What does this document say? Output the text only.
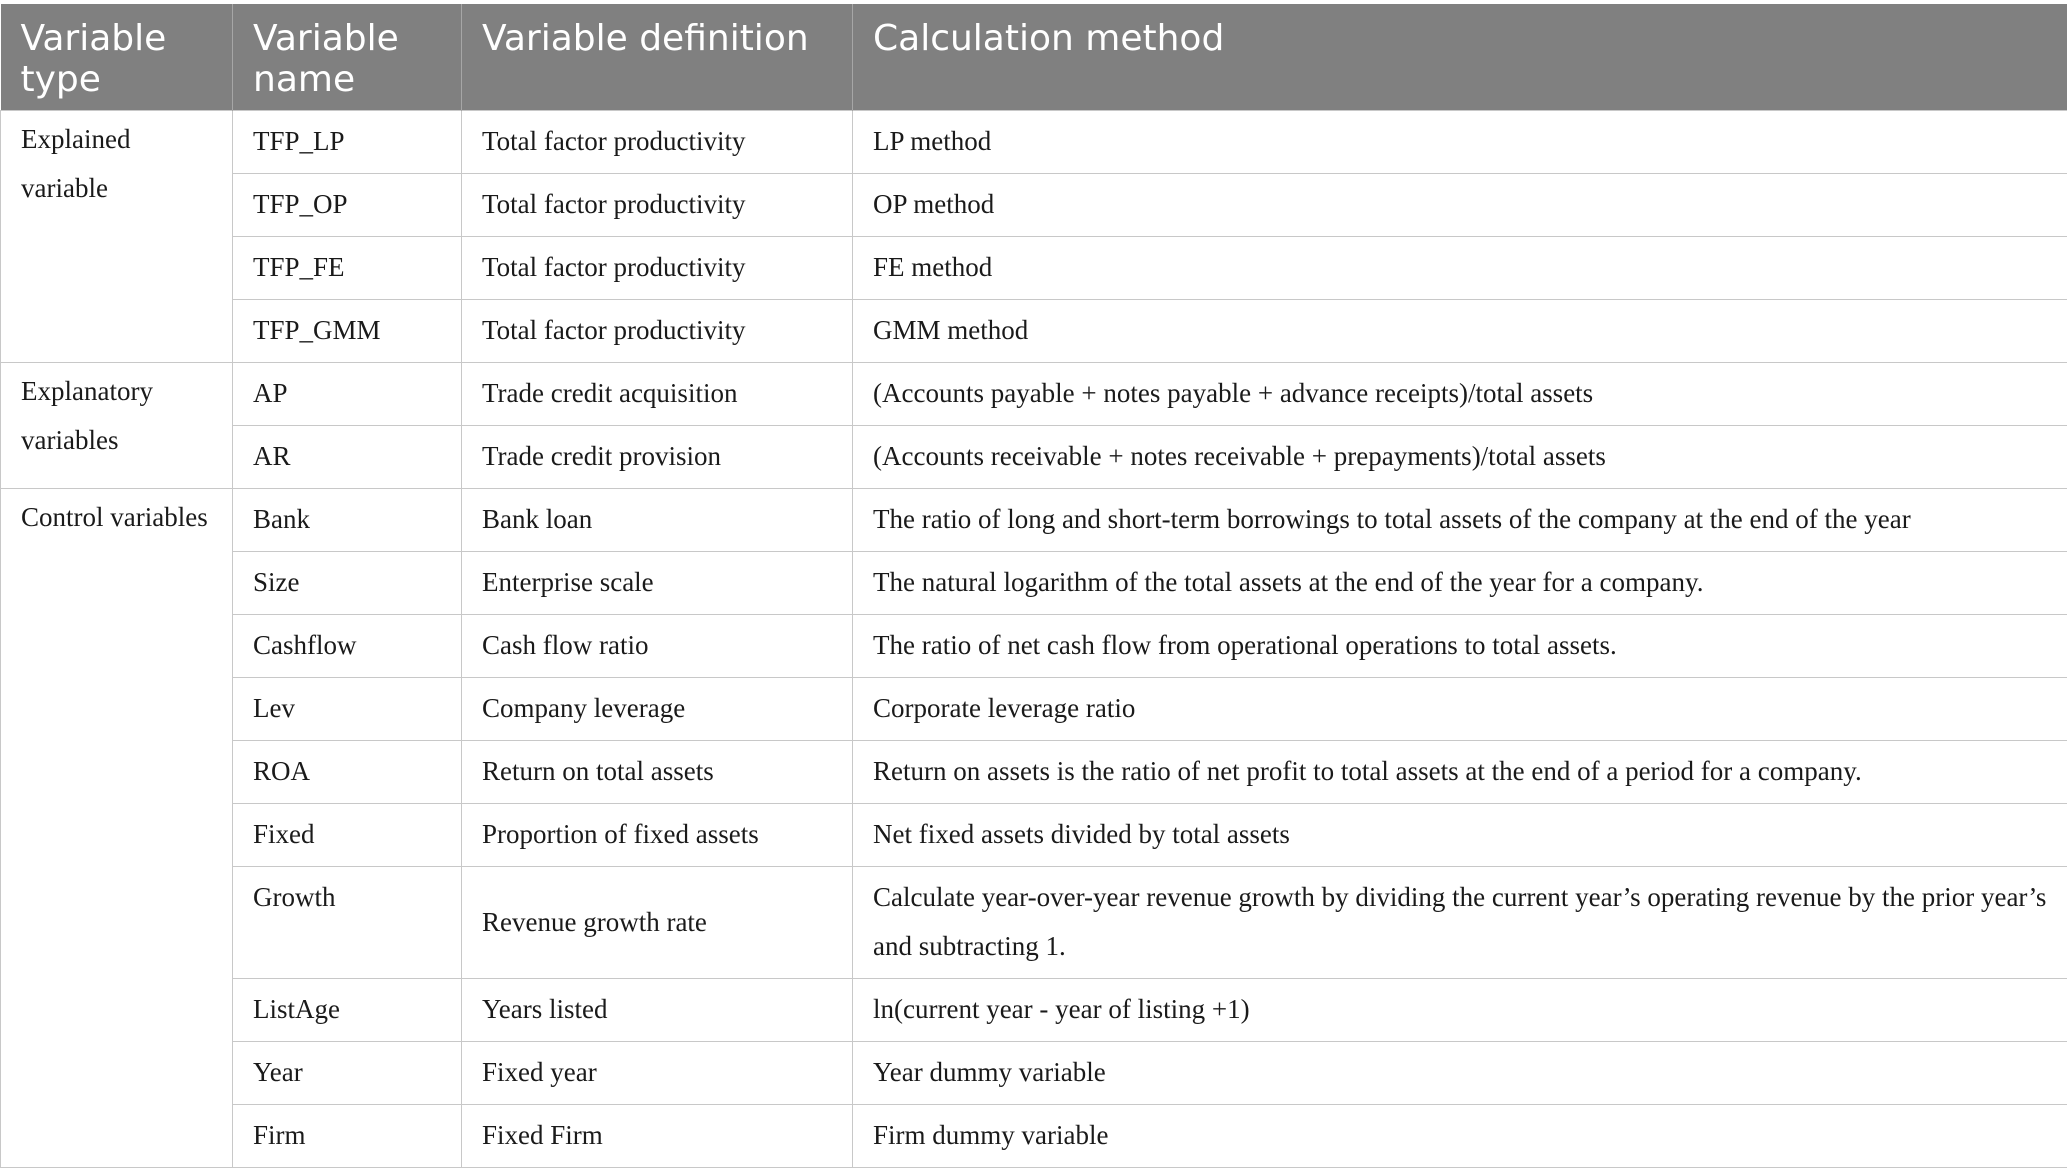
Variable type	Variable name	Variable definition	Calculation method
Explained variable	TFP_LP	Total factor productivity	LP method
	TFP_OP	Total factor productivity	OP method
	TFP_FE	Total factor productivity	FE method
	TFP_GMM	Total factor productivity	GMM method
Explanatory variables	AP	Trade credit acquisition	(Accounts payable + notes payable + advance receipts)/total assets
	AR	Trade credit provision	(Accounts receivable + notes receivable + prepayments)/total assets
Control variables	Bank	Bank loan	The ratio of long and short-term borrowings to total assets of the company at the end of the year
	Size	Enterprise scale	The natural logarithm of the total assets at the end of the year for a company.
	Cashflow	Cash flow ratio	The ratio of net cash flow from operational operations to total assets.
	Lev	Company leverage	Corporate leverage ratio
	ROA	Return on total assets	Return on assets is the ratio of net profit to total assets at the end of a period for a company.
	Fixed	Proportion of fixed assets	Net fixed assets divided by total assets
	Growth	Revenue growth rate	Calculate year-over-year revenue growth by dividing the current year’s operating revenue by the prior year’s and subtracting 1.
	ListAge	Years listed	ln(current year - year of listing +1)
	Year	Fixed year	Year dummy variable
	Firm	Fixed Firm	Firm dummy variable
